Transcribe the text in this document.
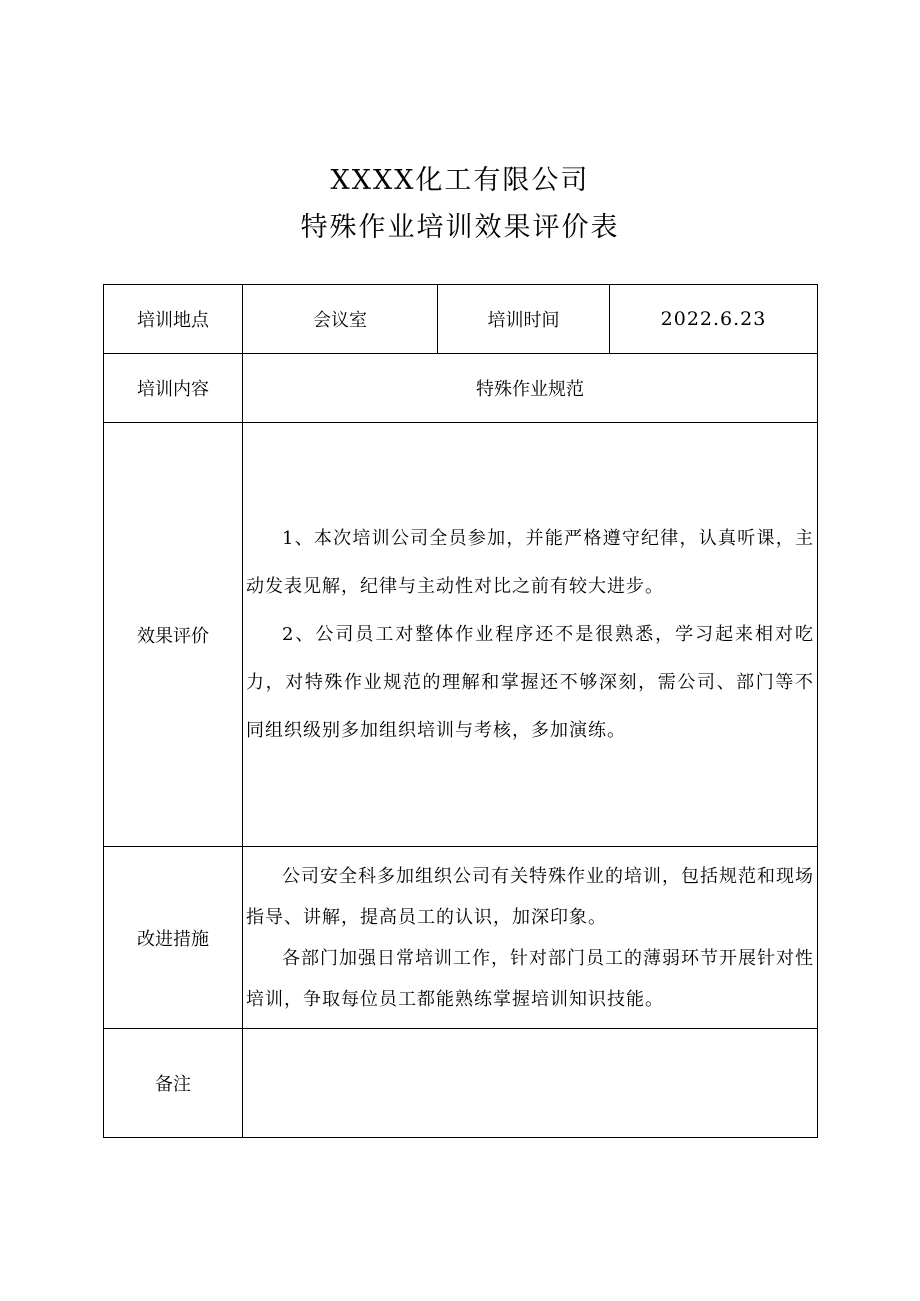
XXXX化工有限公司
特殊作业培训效果评价表
培训地点	会议室	培训时间	2022.6.23
培训内容	特殊作业规范		
效果评价	1、本次培训公司全员参加，并能严格遵守纪律，认真听课，主动发表见解，纪律与主动性对比之前有较大进步。

2、公司员工对整体作业程序还不是很熟悉，学习起来相对吃力，对特殊作业规范的理解和掌握还不够深刻，需公司、部门等不同组织级别多加组织培训与考核，多加演练。		

改进措施	公司安全科多加组织公司有关特殊作业的培训，包括规范和现场指导、讲解，提高员工的认识，加深印象。

各部门加强日常培训工作，针对部门员工的薄弱环节开展针对性培训，争取每位员工都能熟练掌握培训知识技能。		

备注			
